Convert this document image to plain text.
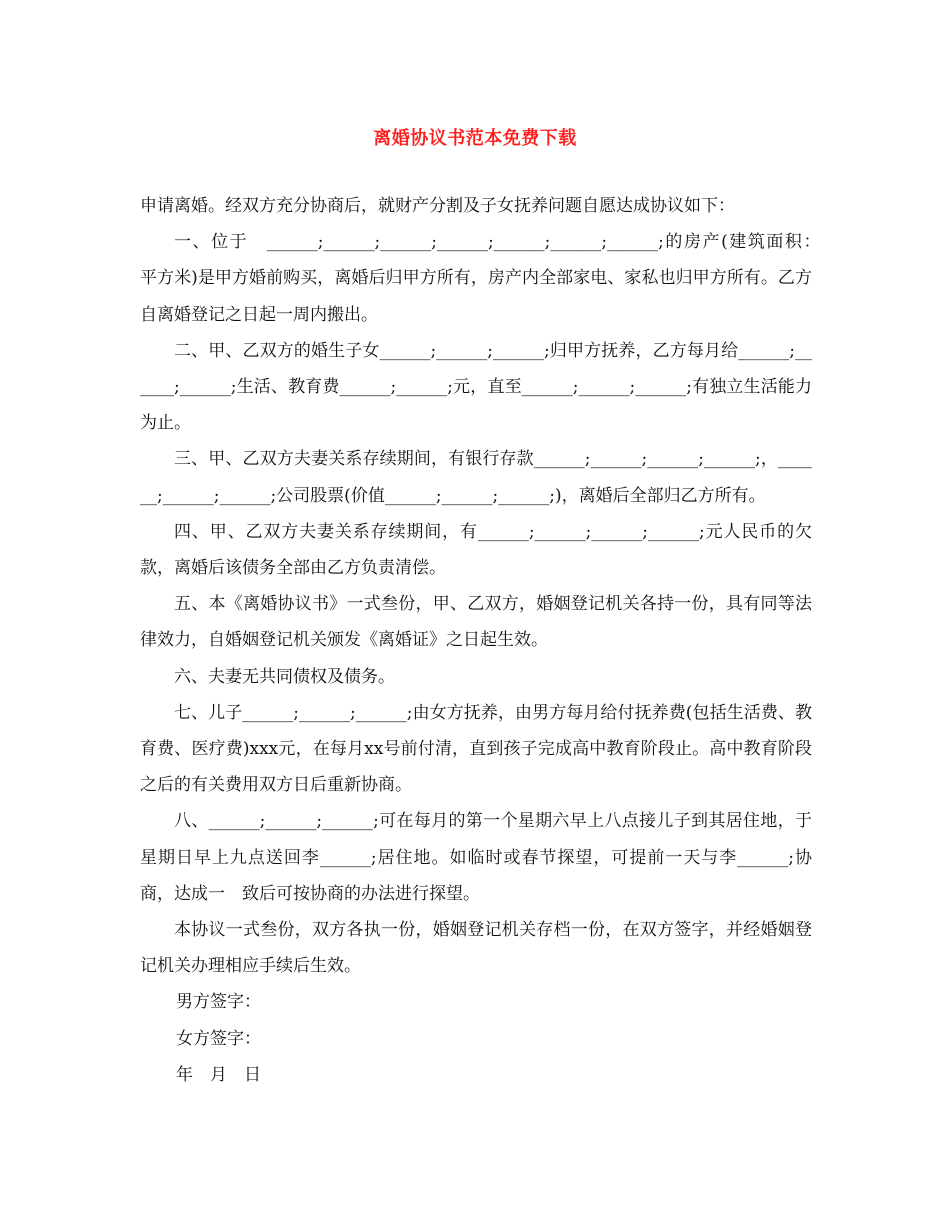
离婚协议书范本免费下载

申请离婚。经双方充分协商后，就财产分割及子女抚养问题自愿达成协议如下：

一、位于　______;______;______;______;______;______;______;的房产(建筑面积：　平方米)是甲方婚前购买，离婚后归甲方所有，房产内全部家电、家私也归甲方所有。乙方自离婚登记之日起一周内搬出。

二、甲、乙双方的婚生子女______;______;______;归甲方抚养，乙方每月给______;______;______;生活、教育费______;______;元，直至______;______;______;有独立生活能力为止。

三、甲、乙双方夫妻关系存续期间，有银行存款______;______;______;______;，______;______;______;公司股票(价值______;______;______;)，离婚后全部归乙方所有。

四、甲、乙双方夫妻关系存续期间，有______;______;______;______;元人民币的欠款，离婚后该债务全部由乙方负责清偿。

五、本《离婚协议书》一式叁份，甲、乙双方，婚姻登记机关各持一份，具有同等法律效力，自婚姻登记机关颁发《离婚证》之日起生效。

六、夫妻无共同债权及债务。

七、儿子______;______;______;由女方抚养，由男方每月给付抚养费(包括生活费、教育费、医疗费)xxx元，在每月xx号前付清，直到孩子完成高中教育阶段止。高中教育阶段之后的有关费用双方日后重新协商。

八、______;______;______;可在每月的第一个星期六早上八点接儿子到其居住地，于星期日早上九点送回李______;居住地。如临时或春节探望，可提前一天与李______;协商，达成一　致后可按协商的办法进行探望。

本协议一式叁份，双方各执一份，婚姻登记机关存档一份，在双方签字，并经婚姻登记机关办理相应手续后生效。

男方签字：

女方签字：

年　月　日
